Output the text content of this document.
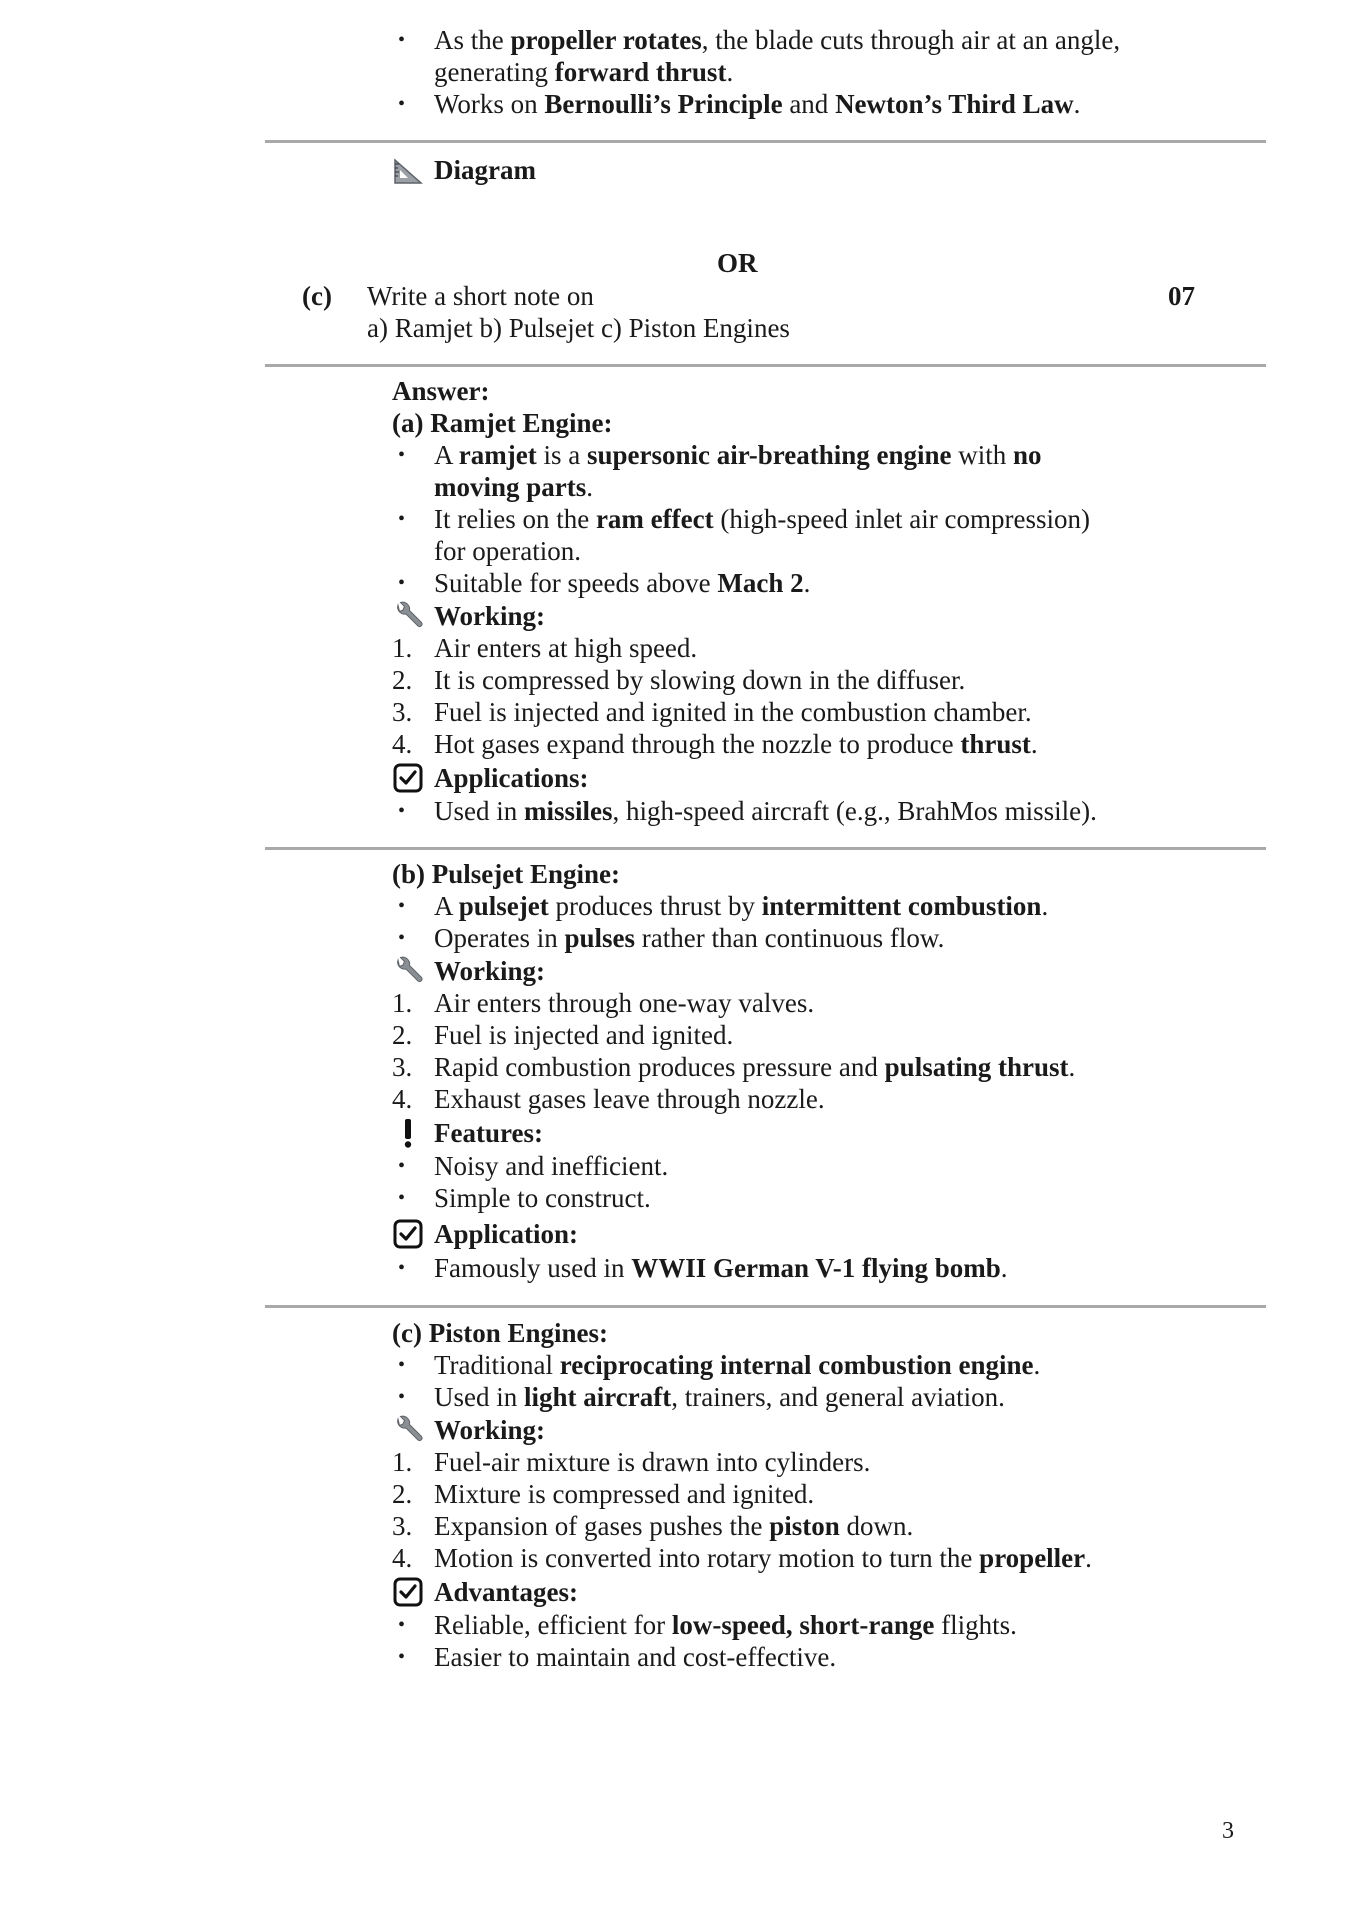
• As the propeller rotates, the blade cuts through air at an angle,
generating forward thrust.
• Works on Bernoulli’s Principle and Newton’s Third Law.
Diagram
OR
(c) Write a short note on	07
a) Ramjet b) Pulsejet c) Piston Engines
Answer:
(a) Ramjet Engine:
• A ramjet is a supersonic air-breathing engine with no
moving parts.
• It relies on the ram effect (high-speed inlet air compression)
for operation.
• Suitable for speeds above Mach 2.
Working:
1. Air enters at high speed.
2. It is compressed by slowing down in the diffuser.
3. Fuel is injected and ignited in the combustion chamber.
4. Hot gases expand through the nozzle to produce thrust.
Applications:
• Used in missiles, high-speed aircraft (e.g., BrahMos missile).
(b) Pulsejet Engine:
• A pulsejet produces thrust by intermittent combustion.
• Operates in pulses rather than continuous flow.
Working:
1. Air enters through one-way valves.
2. Fuel is injected and ignited.
3. Rapid combustion produces pressure and pulsating thrust.
4. Exhaust gases leave through nozzle.
Features:
• Noisy and inefficient.
• Simple to construct.
Application:
• Famously used in WWII German V-1 flying bomb.
(c) Piston Engines:
• Traditional reciprocating internal combustion engine.
• Used in light aircraft, trainers, and general aviation.
Working:
1. Fuel-air mixture is drawn into cylinders.
2. Mixture is compressed and ignited.
3. Expansion of gases pushes the piston down.
4. Motion is converted into rotary motion to turn the propeller.
Advantages:
• Reliable, efficient for low-speed, short-range flights.
• Easier to maintain and cost-effective.
3
